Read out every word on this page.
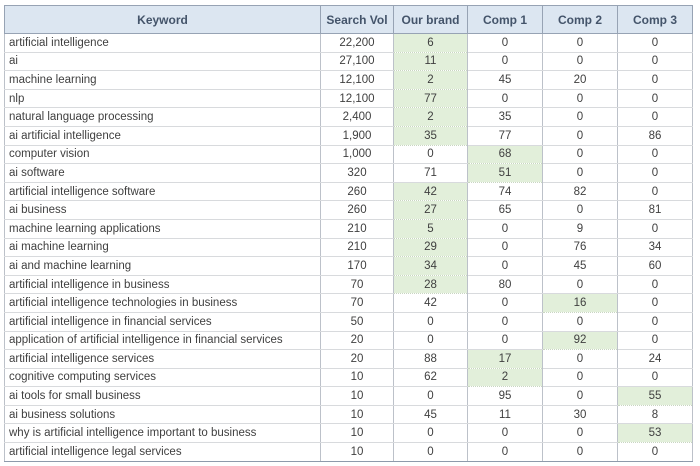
Keyword	Search Vol	Our brand	Comp 1	Comp 2	Comp 3
artificial intelligence	22,200	6	0	0	0
ai	27,100	11	0	0	0
machine learning	12,100	2	45	20	0
nlp	12,100	77	0	0	0
natural language processing	2,400	2	35	0	0
ai artificial intelligence	1,900	35	77	0	86
computer vision	1,000	0	68	0	0
ai software	320	71	51	0	0
artificial intelligence software	260	42	74	82	0
ai business	260	27	65	0	81
machine learning applications	210	5	0	9	0
ai machine learning	210	29	0	76	34
ai and machine learning	170	34	0	45	60
artificial intelligence in business	70	28	80	0	0
artificial intelligence technologies in business	70	42	0	16	0
artificial intelligence in financial services	50	0	0	0	0
application of artificial intelligence in financial services	20	0	0	92	0
artificial intelligence services	20	88	17	0	24
cognitive computing services	10	62	2	0	0
ai tools for small business	10	0	95	0	55
ai business solutions	10	45	11	30	8
why is artificial intelligence important to business	10	0	0	0	53
artificial intelligence legal services	10	0	0	0	0
